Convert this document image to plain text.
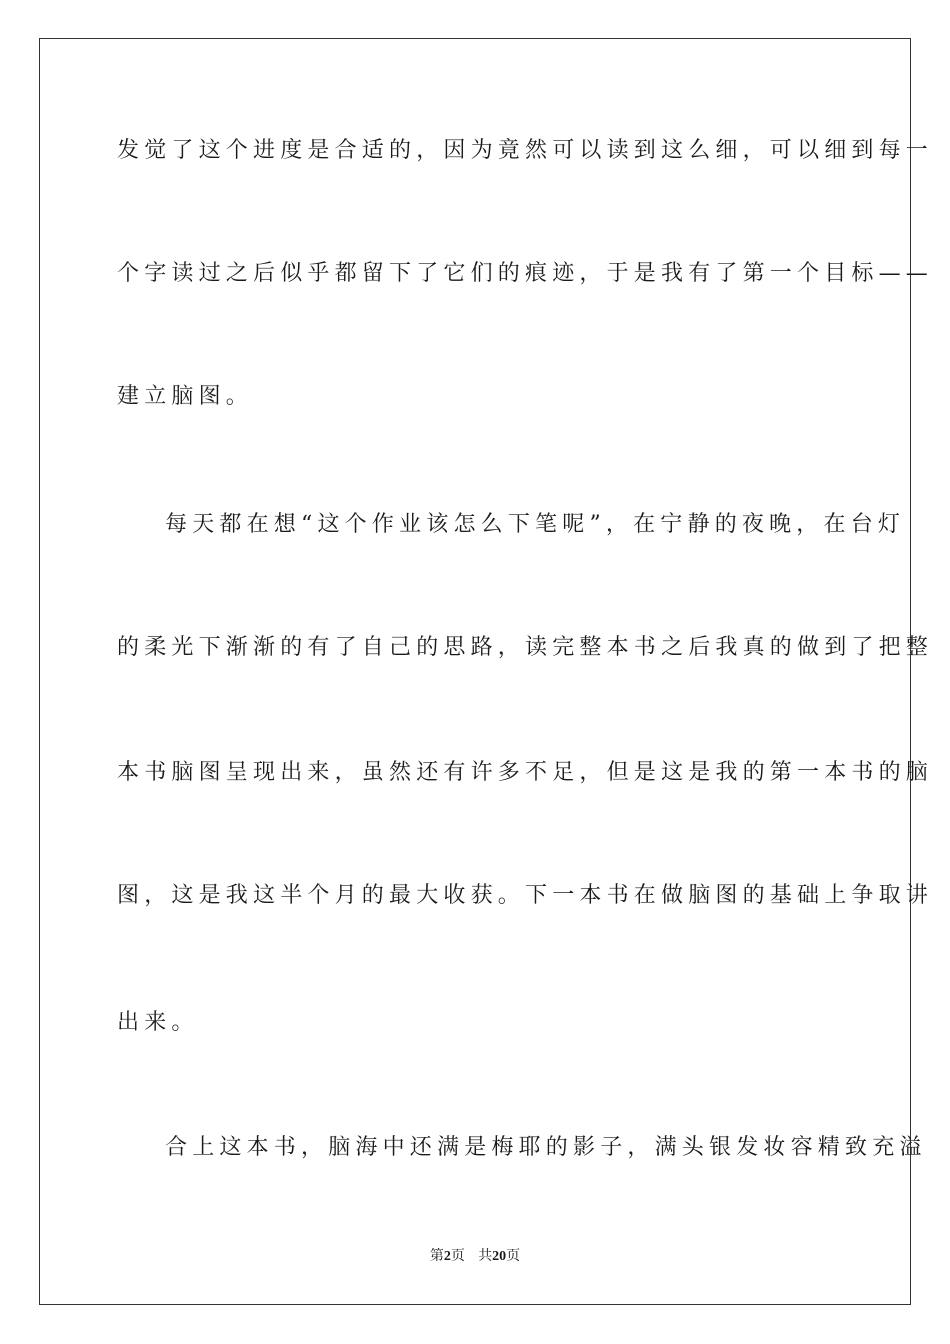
发觉了这个进度是合适的，因为竟然可以读到这么细，可以细到每一
个字读过之后似乎都留下了它们的痕迹，于是我有了第一个目标——
建立脑图。
每天都在想“这个作业该怎么下笔呢”，在宁静的夜晚，在台灯
的柔光下渐渐的有了自己的思路，读完整本书之后我真的做到了把整
本书脑图呈现出来，虽然还有许多不足，但是这是我的第一本书的脑
图，这是我这半个月的最大收获。下一本书在做脑图的基础上争取讲
出来。
合上这本书，脑海中还满是梅耶的影子，满头银发妆容精致充溢
第2页 共20页
